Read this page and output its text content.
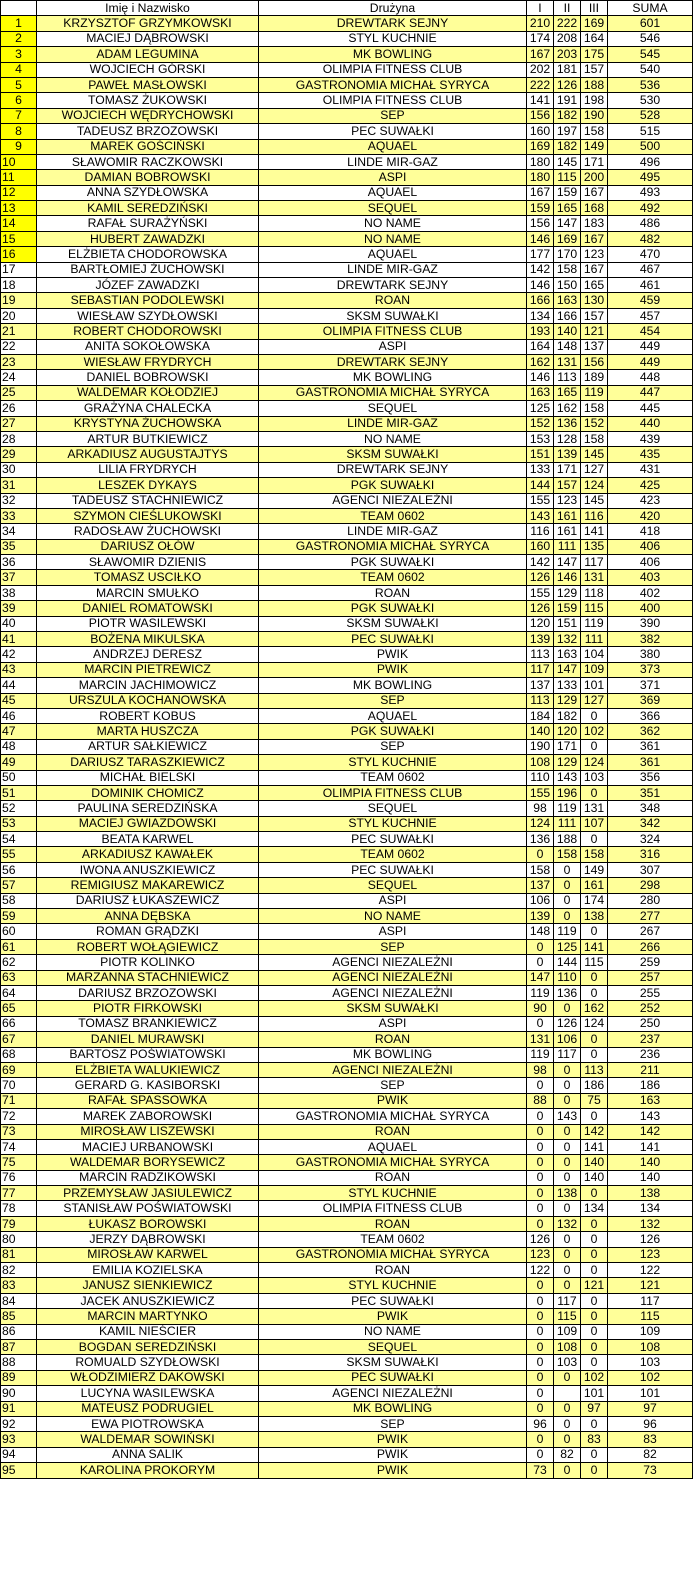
	Imię i Nazwisko	Drużyna	I	II	III	SUMA
1	KRZYSZTOF GRZYMKOWSKI	DREWTARK SEJNY	210	222	169	601
2	MACIEJ DĄBROWSKI	STYL KUCHNIE	174	208	164	546
3	ADAM LEGUMINA	MK BOWLING	167	203	175	545
4	WOJCIECH GÓRSKI	OLIMPIA FITNESS CLUB	202	181	157	540
5	PAWEŁ MASŁOWSKI	GASTRONOMIA MICHAŁ SYRYCA	222	126	188	536
6	TOMASZ ŻUKOWSKI	OLIMPIA FITNESS CLUB	141	191	198	530
7	WOJCIECH WĘDRYCHOWSKI	SEP	156	182	190	528
8	TADEUSZ BRZOZOWSKI	PEC SUWAŁKI	160	197	158	515
9	MAREK GOŚCIŃSKI	AQUAEL	169	182	149	500
10	SŁAWOMIR RACZKOWSKI	LINDE MIR-GAZ	180	145	171	496
11	DAMIAN BOBROWSKI	ASPI	180	115	200	495
12	ANNA SZYDŁOWSKA	AQUAEL	167	159	167	493
13	KAMIL SEREDZIŃSKI	SEQUEL	159	165	168	492
14	RAFAŁ SURAŻYŃSKI	NO NAME	156	147	183	486
15	HUBERT ZAWADZKI	NO NAME	146	169	167	482
16	ELŻBIETA CHODOROWSKA	AQUAEL	177	170	123	470
17	BARTŁOMIEJ ŻUCHOWSKI	LINDE MIR-GAZ	142	158	167	467
18	JÓZEF ZAWADZKI	DREWTARK SEJNY	146	150	165	461
19	SEBASTIAN PODOLEWSKI	ROAN	166	163	130	459
20	WIESŁAW SZYDŁOWSKI	SKSM SUWAŁKI	134	166	157	457
21	ROBERT CHODOROWSKI	OLIMPIA FITNESS CLUB	193	140	121	454
22	ANITA SOKOŁOWSKA	ASPI	164	148	137	449
23	WIESŁAW FRYDRYCH	DREWTARK SEJNY	162	131	156	449
24	DANIEL BOBROWSKI	MK BOWLING	146	113	189	448
25	WALDEMAR KOŁODZIEJ	GASTRONOMIA MICHAŁ SYRYCA	163	165	119	447
26	GRAŻYNA CHALECKA	SEQUEL	125	162	158	445
27	KRYSTYNA ŻUCHOWSKA	LINDE MIR-GAZ	152	136	152	440
28	ARTUR BUTKIEWICZ	NO NAME	153	128	158	439
29	ARKADIUSZ AUGUSTAJTYS	SKSM SUWAŁKI	151	139	145	435
30	LILIA FRYDRYCH	DREWTARK SEJNY	133	171	127	431
31	LESZEK DYKAYS	PGK SUWAŁKI	144	157	124	425
32	TADEUSZ STACHNIEWICZ	AGENCI NIEZALEŻNI	155	123	145	423
33	SZYMON CIEŚLUKOWSKI	TEAM 0602	143	161	116	420
34	RADOSŁAW ŻUCHOWSKI	LINDE MIR-GAZ	116	161	141	418
35	DARIUSZ OŁÓW	GASTRONOMIA MICHAŁ SYRYCA	160	111	135	406
36	SŁAWOMIR DZIENIS	PGK SUWAŁKI	142	147	117	406
37	TOMASZ USCIŁKO	TEAM 0602	126	146	131	403
38	MARCIN SMUŁKO	ROAN	155	129	118	402
39	DANIEL ROMATOWSKI	PGK SUWAŁKI	126	159	115	400
40	PIOTR WASILEWSKI	SKSM SUWAŁKI	120	151	119	390
41	BOŻENA MIKULSKA	PEC SUWAŁKI	139	132	111	382
42	ANDRZEJ DERESZ	PWIK	113	163	104	380
43	MARCIN PIETREWICZ	PWIK	117	147	109	373
44	MARCIN JACHIMOWICZ	MK BOWLING	137	133	101	371
45	URSZULA KOCHANOWSKA	SEP	113	129	127	369
46	ROBERT KOBUS	AQUAEL	184	182	0	366
47	MARTA HUSZCZA	PGK SUWAŁKI	140	120	102	362
48	ARTUR SAŁKIEWICZ	SEP	190	171	0	361
49	DARIUSZ TARASZKIEWICZ	STYL KUCHNIE	108	129	124	361
50	MICHAŁ BIELSKI	TEAM 0602	110	143	103	356
51	DOMINIK CHOMICZ	OLIMPIA FITNESS CLUB	155	196	0	351
52	PAULINA SEREDZIŃSKA	SEQUEL	98	119	131	348
53	MACIEJ GWIAZDOWSKI	STYL KUCHNIE	124	111	107	342
54	BEATA KARWEL	PEC SUWAŁKI	136	188	0	324
55	ARKADIUSZ KAWAŁEK	TEAM 0602	0	158	158	316
56	IWONA ANUSZKIEWICZ	PEC SUWAŁKI	158	0	149	307
57	REMIGIUSZ MAKAREWICZ	SEQUEL	137	0	161	298
58	DARIUSZ ŁUKASZEWICZ	ASPI	106	0	174	280
59	ANNA DĘBSKA	NO NAME	139	0	138	277
60	ROMAN GRĄDZKI	ASPI	148	119	0	267
61	ROBERT WOŁĄGIEWICZ	SEP	0	125	141	266
62	PIOTR KOLINKO	AGENCI NIEZALEŻNI	0	144	115	259
63	MARZANNA STACHNIEWICZ	AGENCI NIEZALEŻNI	147	110	0	257
64	DARIUSZ BRZOZOWSKI	AGENCI NIEZALEŻNI	119	136	0	255
65	PIOTR FIRKOWSKI	SKSM SUWAŁKI	90	0	162	252
66	TOMASZ BRANKIEWICZ	ASPI	0	126	124	250
67	DANIEL MURAWSKI	ROAN	131	106	0	237
68	BARTOSZ POŚWIATOWSKI	MK BOWLING	119	117	0	236
69	ELŻBIETA WALUKIEWICZ	AGENCI NIEZALEŻNI	98	0	113	211
70	GERARD G. KASIBORSKI	SEP	0	0	186	186
71	RAFAŁ SPASSOWKA	PWIK	88	0	75	163
72	MAREK ZABOROWSKI	GASTRONOMIA MICHAŁ SYRYCA	0	143	0	143
73	MIROSŁAW LISZEWSKI	ROAN	0	0	142	142
74	MACIEJ URBANOWSKI	AQUAEL	0	0	141	141
75	WALDEMAR BORYSEWICZ	GASTRONOMIA MICHAŁ SYRYCA	0	0	140	140
76	MARCIN RADZIKOWSKI	ROAN	0	0	140	140
77	PRZEMYSŁAW JASIULEWICZ	STYL KUCHNIE	0	138	0	138
78	STANISŁAW POŚWIATOWSKI	OLIMPIA FITNESS CLUB	0	0	134	134
79	ŁUKASZ BOROWSKI	ROAN	0	132	0	132
80	JERZY DĄBROWSKI	TEAM 0602	126	0	0	126
81	MIROSŁAW KARWEL	GASTRONOMIA MICHAŁ SYRYCA	123	0	0	123
82	EMILIA KOZIELSKA	ROAN	122	0	0	122
83	JANUSZ SIENKIEWICZ	STYL KUCHNIE	0	0	121	121
84	JACEK ANUSZKIEWICZ	PEC SUWAŁKI	0	117	0	117
85	MARCIN MARTYNKO	PWIK	0	115	0	115
86	KAMIL NIEŚCIER	NO NAME	0	109	0	109
87	BOGDAN SEREDZIŃSKI	SEQUEL	0	108	0	108
88	ROMUALD SZYDŁOWSKI	SKSM SUWAŁKI	0	103	0	103
89	WŁODZIMIERZ DAKOWSKI	PEC SUWAŁKI	0	0	102	102
90	LUCYNA WASILEWSKA	AGENCI NIEZALEŻNI	0		101	101
91	MATEUSZ PODRUGIEL	MK BOWLING	0	0	97	97
92	EWA PIOTROWSKA	SEP	96	0	0	96
93	WALDEMAR SOWIŃSKI	PWIK	0	0	83	83
94	ANNA SALIK	PWIK	0	82	0	82
95	KAROLINA PROKORYM	PWIK	73	0	0	73
